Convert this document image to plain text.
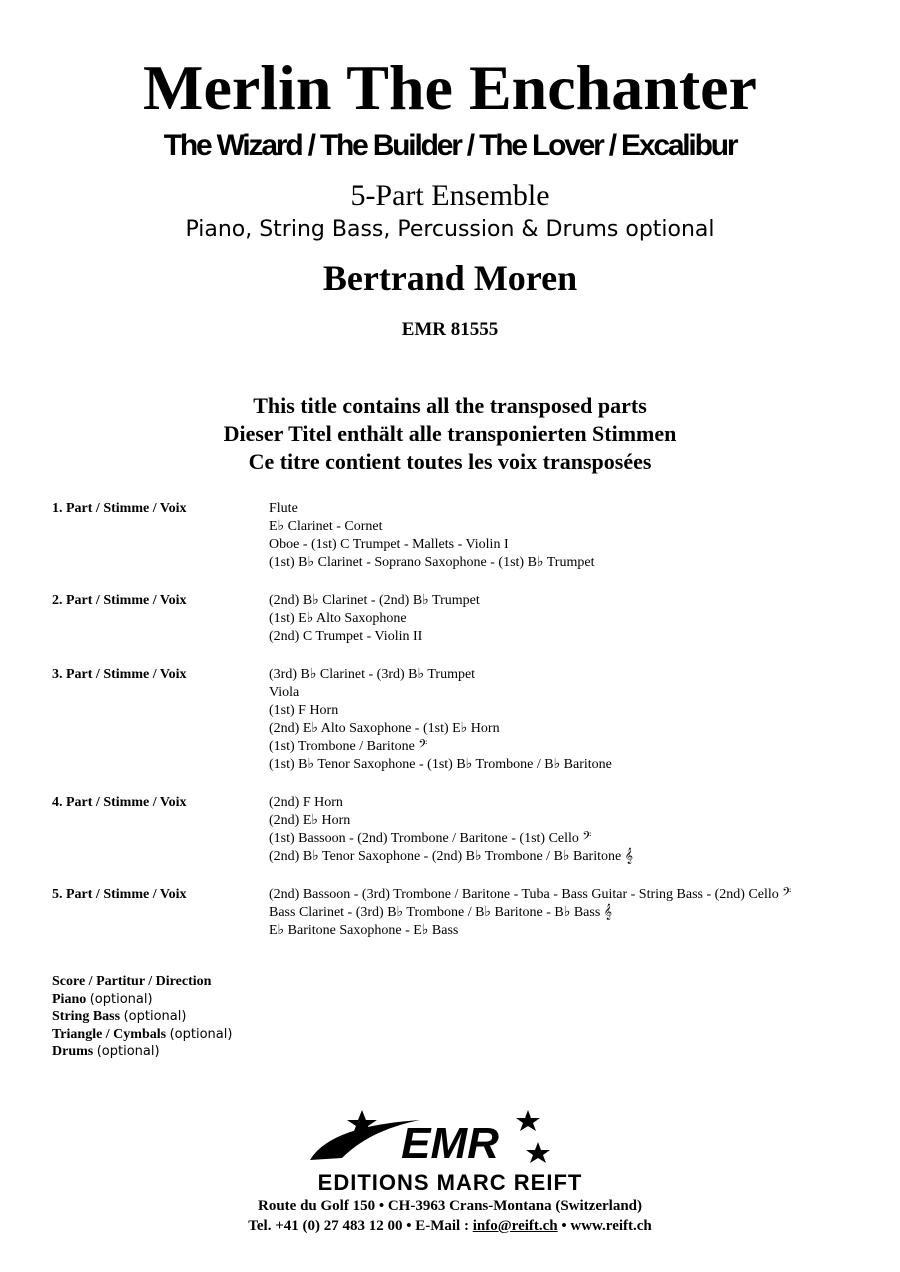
Merlin The Enchanter
The Wizard / The Builder / The Lover / Excalibur
5-Part Ensemble
Piano, String Bass, Percussion & Drums optional
Bertrand Moren
EMR 81555
This title contains all the transposed parts
Dieser Titel enthält alle transponierten Stimmen
Ce titre contient toutes les voix transposées
1. Part / Stimme / Voix	Flute
E♭ Clarinet - Cornet
Oboe - (1st) C Trumpet - Mallets - Violin I
(1st) B♭ Clarinet - Soprano Saxophone - (1st) B♭ Trumpet
2. Part / Stimme / Voix	(2nd) B♭ Clarinet - (2nd) B♭ Trumpet
(1st) E♭ Alto Saxophone
(2nd) C Trumpet - Violin II
3. Part / Stimme / Voix	(3rd) B♭ Clarinet - (3rd) B♭ Trumpet
Viola
(1st) F Horn
(2nd) E♭ Alto Saxophone - (1st) E♭ Horn
(1st) Trombone / Baritone 𝄢
(1st) B♭ Tenor Saxophone - (1st) B♭ Trombone / B♭ Baritone
4. Part / Stimme / Voix	(2nd) F Horn
(2nd) E♭ Horn
(1st) Bassoon - (2nd) Trombone / Baritone - (1st) Cello 𝄢
(2nd) B♭ Tenor Saxophone - (2nd) B♭ Trombone / B♭ Baritone 𝄞
5. Part / Stimme / Voix	(2nd) Bassoon - (3rd) Trombone / Baritone - Tuba - Bass Guitar - String Bass - (2nd) Cello 𝄢
Bass Clarinet - (3rd) B♭ Trombone / B♭ Baritone - B♭ Bass 𝄞
E♭ Baritone Saxophone - E♭ Bass
Score / Partitur / Direction
Piano (optional)
String Bass (optional)
Triangle / Cymbals (optional)
Drums (optional)
EMR
EDITIONS MARC REIFT
Route du Golf 150 • CH-3963 Crans-Montana (Switzerland)
Tel. +41 (0) 27 483 12 00 • E-Mail : info@reift.ch • www.reift.ch
